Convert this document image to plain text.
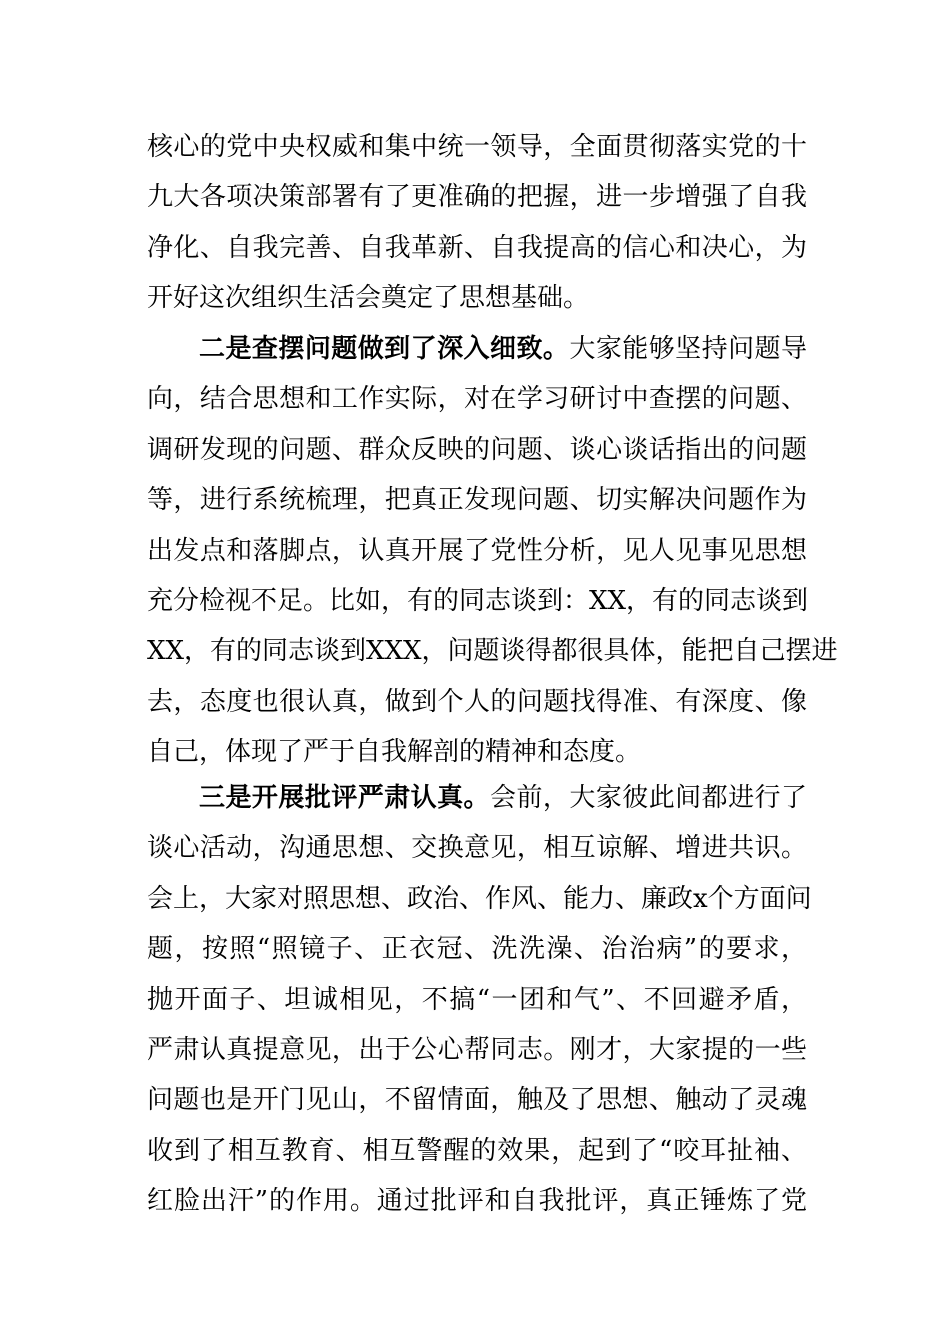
核心的党中央权威和集中统一领导，全面贯彻落实党的十
九大各项决策部署有了更准确的把握，进一步增强了自我
净化、自我完善、自我革新、自我提高的信心和决心，为
开好这次组织生活会奠定了思想基础。
二是查摆问题做到了深入细致。大家能够坚持问题导
向，结合思想和工作实际，对在学习研讨中查摆的问题、
调研发现的问题、群众反映的问题、谈心谈话指出的问题
等，进行系统梳理，把真正发现问题、切实解决问题作为
出发点和落脚点，认真开展了党性分析，见人见事见思想
充分检视不足。比如，有的同志谈到：XX，有的同志谈到
XX，有的同志谈到XXX，问题谈得都很具体，能把自己摆进
去，态度也很认真，做到个人的问题找得准、有深度、像
自己，体现了严于自我解剖的精神和态度。
三是开展批评严肃认真。会前，大家彼此间都进行了
谈心活动，沟通思想、交换意见，相互谅解、增进共识。
会上，大家对照思想、政治、作风、能力、廉政x个方面问
题，按照“照镜子、正衣冠、洗洗澡、治治病”的要求，
抛开面子、坦诚相见，不搞“一团和气”、不回避矛盾，
严肃认真提意见，出于公心帮同志。刚才，大家提的一些
问题也是开门见山，不留情面，触及了思想、触动了灵魂
收到了相互教育、相互警醒的效果，起到了“咬耳扯袖、
红脸出汗”的作用。通过批评和自我批评，真正锤炼了党
